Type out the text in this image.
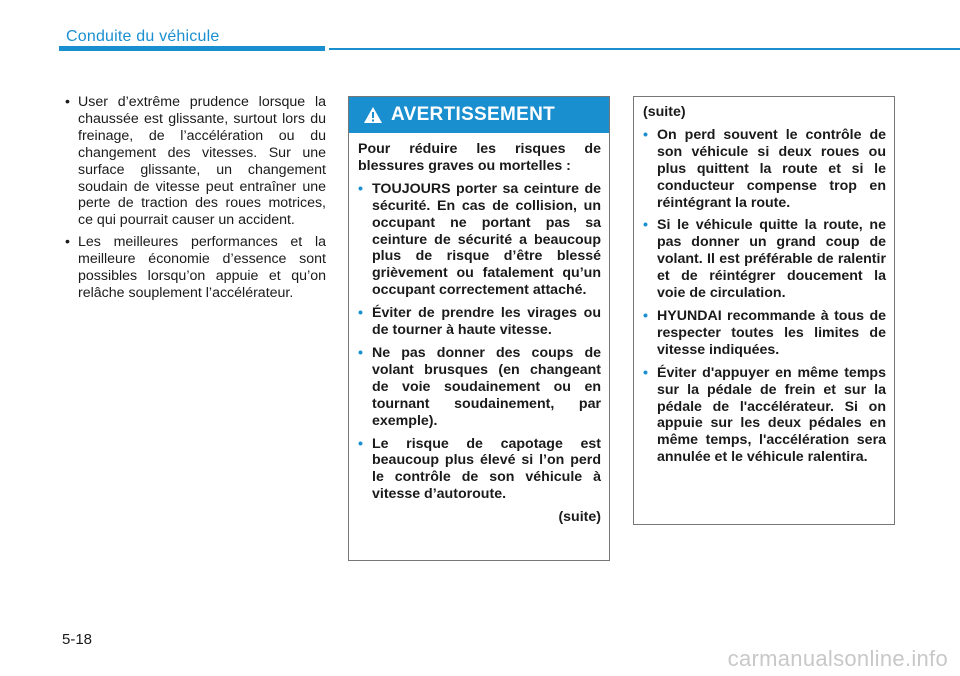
Conduite du véhicule
• User d’extrême prudence lorsque la chaussée est glissante, surtout lors du freinage, de l’accélération ou du changement des vitesses. Sur une surface glissante, un changement soudain de vitesse peut entraîner une perte de traction des roues motrices, ce qui pourrait causer un accident.
• Les meilleures performances et la meilleure économie d’essence sont possibles lorsqu’on appuie et qu’on relâche souplement l’accélérateur.
AVERTISSEMENT
Pour réduire les risques de blessures graves ou mortelles :
• TOUJOURS porter sa ceinture de sécurité. En cas de collision, un occupant ne portant pas sa ceinture de sécurité a beaucoup plus de risque d’être blessé grièvement ou fatalement qu’un occupant correctement attaché.
• Éviter de prendre les virages ou de tourner à haute vitesse.
• Ne pas donner des coups de volant brusques (en changeant de voie soudainement ou en tournant soudainement, par exemple).
• Le risque de capotage est beaucoup plus élevé si l’on perd le contrôle de son véhicule à vitesse d’autoroute.
(suite)
(suite)
• On perd souvent le contrôle de son véhicule si deux roues ou plus quittent la route et si le conducteur compense trop en réintégrant la route.
• Si le véhicule quitte la route, ne pas donner un grand coup de volant. Il est préférable de ralentir et de réintégrer doucement la voie de circulation.
• HYUNDAI recommande à tous de respecter toutes les limites de vitesse indiquées.
• Éviter d'appuyer en même temps sur la pédale de frein et sur la pédale de l'accélérateur. Si on appuie sur les deux pédales en même temps, l'accélération sera annulée et le véhicule ralentira.
5-18
carmanualsonline.info
